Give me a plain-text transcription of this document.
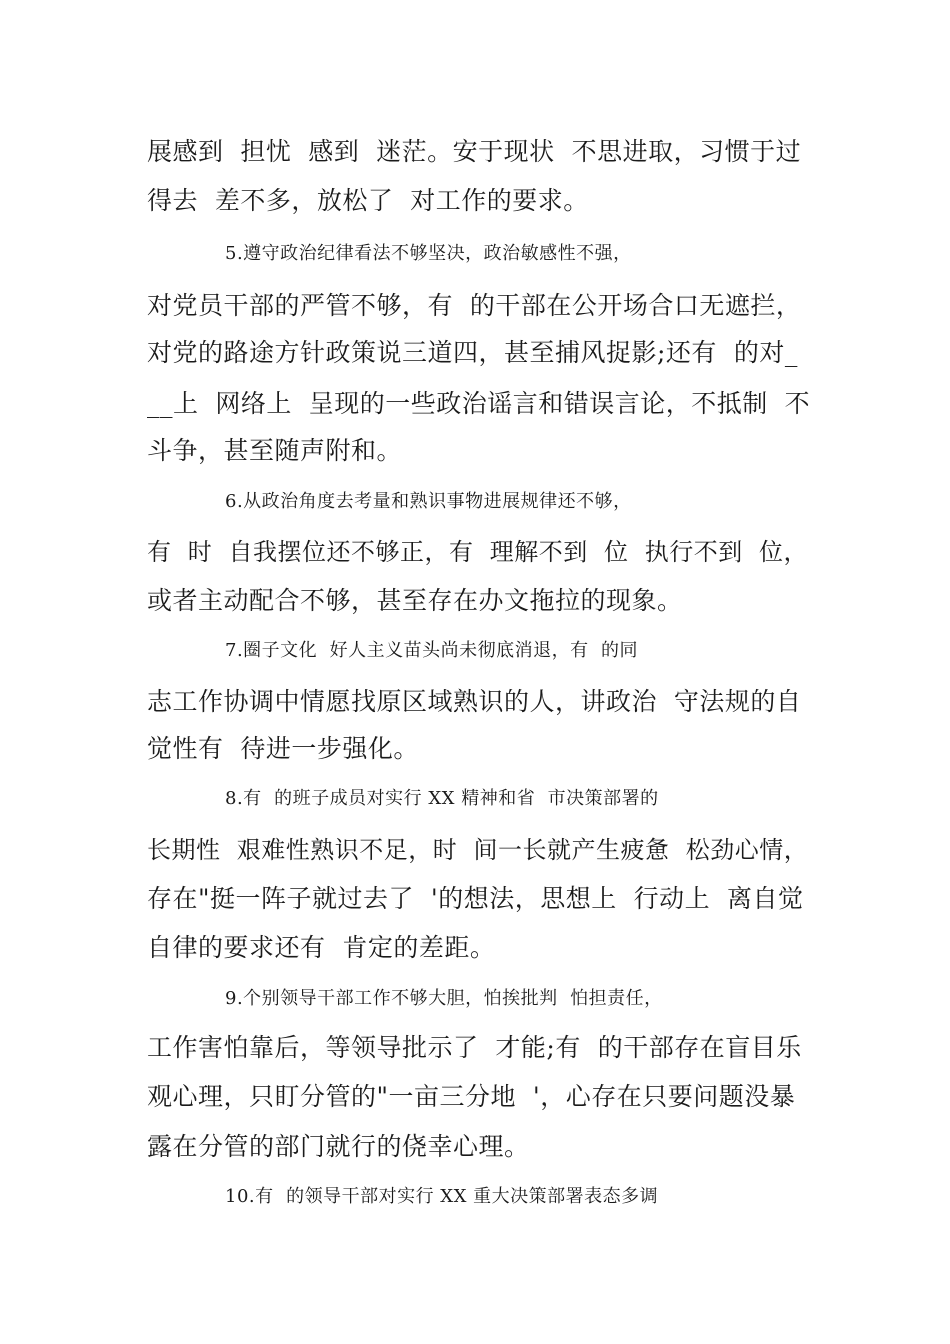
展感到  担忧  感到  迷茫。安于现状  不思进取，习惯于过
得去  差不多，放松了  对工作的要求。
5.遵守政治纪律看法不够坚决，政治敏感性不强，
对党员干部的严管不够，有  的干部在公开场合口无遮拦，
对党的路途方针政策说三道四，甚至捕风捉影;还有  的对_
__上  网络上  呈现的一些政治谣言和错误言论，不抵制  不
斗争，甚至随声附和。
6.从政治角度去考量和熟识事物进展规律还不够，
有  时  自我摆位还不够正，有  理解不到  位  执行不到  位，
或者主动配合不够，甚至存在办文拖拉的现象。
7.圈子文化  好人主义苗头尚未彻底消退，有  的同
志工作协调中情愿找原区域熟识的人，讲政治  守法规的自
觉性有  待进一步强化。
8.有  的班子成员对实行 XX 精神和省  市决策部署的
长期性  艰难性熟识不足，时  间一长就产生疲惫  松劲心情，
存在"挺一阵子就过去了  '的想法，思想上  行动上  离自觉
自律的要求还有  肯定的差距。
9.个别领导干部工作不够大胆，怕挨批判  怕担责任，
工作害怕靠后，等领导批示了  才能;有  的干部存在盲目乐
观心理，只盯分管的"一亩三分地  '，心存在只要问题没暴
露在分管的部门就行的侥幸心理。
10.有  的领导干部对实行 XX 重大决策部署表态多调
